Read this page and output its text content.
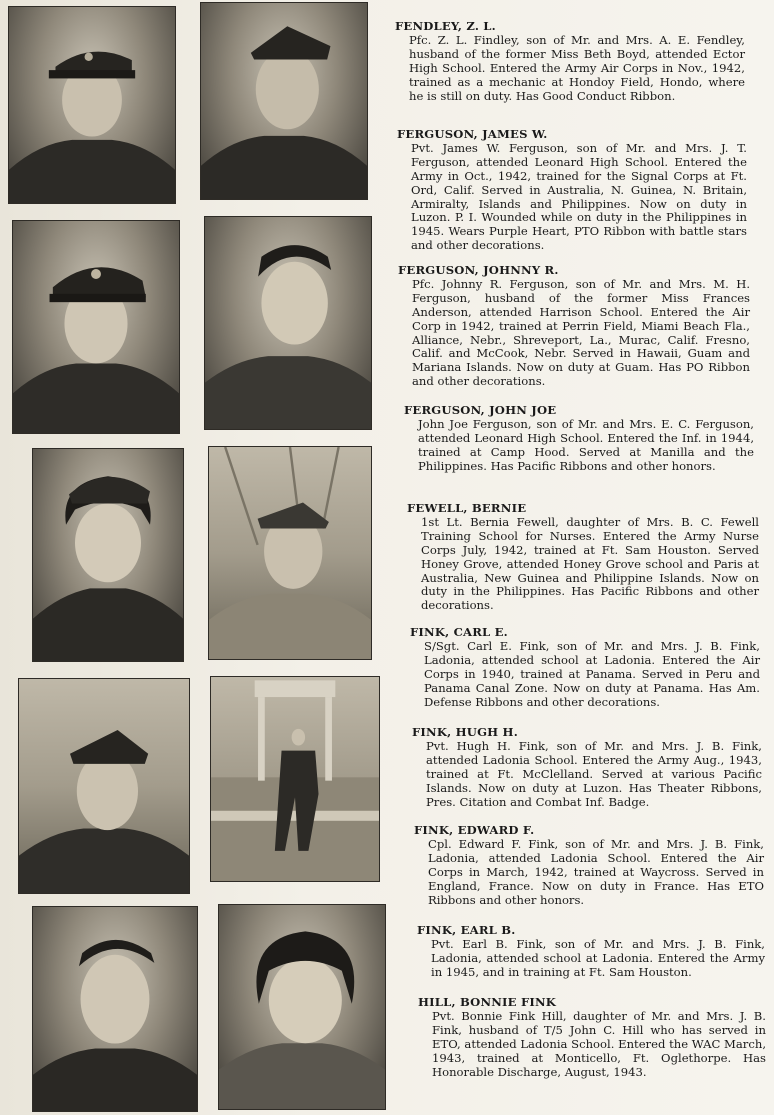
FENDLEY, Z. L.
Pfc. Z. L. Findley, son of Mr. and Mrs. A. E. Fendley, husband of the former Miss Beth Boyd, attended Ector High School. Entered the Army Air Corps in Nov., 1942, trained as a mechanic at Hondoy Field, Hondo, where he is still on duty. Has Good Conduct Ribbon.
FERGUSON, JAMES W.
Pvt. James W. Ferguson, son of Mr. and Mrs. J. T. Ferguson, attended Leonard High School. Entered the Army in Oct., 1942, trained for the Signal Corps at Ft. Ord, Calif. Served in Australia, N. Guinea, N. Britain, Armiralty, Islands and Philippines. Now on duty in Luzon. P. I. Wounded while on duty in the Philippines in 1945. Wears Purple Heart, PTO Ribbon with battle stars and other decorations.
FERGUSON, JOHNNY R.
Pfc. Johnny R. Ferguson, son of Mr. and Mrs. M. H. Ferguson, husband of the former Miss Frances Anderson, attended Harrison School. Entered the Air Corp in 1942, trained at Perrin Field, Miami Beach Fla., Alliance, Nebr., Shreveport, La., Murac, Calif. Fresno, Calif. and McCook, Nebr. Served in Hawaii, Guam and Mariana Islands. Now on duty at Guam. Has PO Ribbon and other decorations.
FERGUSON, JOHN JOE
John Joe Ferguson, son of Mr. and Mrs. E. C. Ferguson, attended Leonard High School. Entered the Inf. in 1944, trained at Camp Hood. Served at Manilla and the Philippines. Has Pacific Ribbons and other honors.
FEWELL, BERNIE
1st Lt. Bernia Fewell, daughter of Mrs. B. C. Fewell Training School for Nurses. Entered the Army Nurse Corps July, 1942, trained at Ft. Sam Houston. Served Honey Grove, attended Honey Grove school and Paris at Australia, New Guinea and Philippine Islands. Now on duty in the Philippines. Has Pacific Ribbons and other decorations.
FINK, CARL E.
S/Sgt. Carl E. Fink, son of Mr. and Mrs. J. B. Fink, Ladonia, attended school at Ladonia. Entered the Air Corps in 1940, trained at Panama. Served in Peru and Panama Canal Zone. Now on duty at Panama. Has Am. Defense Ribbons and other decorations.
FINK, HUGH H.
Pvt. Hugh H. Fink, son of Mr. and Mrs. J. B. Fink, attended Ladonia School. Entered the Army Aug., 1943, trained at Ft. McClelland. Served at various Pacific Islands. Now on duty at Luzon. Has Theater Ribbons, Pres. Citation and Combat Inf. Badge.
FINK, EDWARD F.
Cpl. Edward F. Fink, son of Mr. and Mrs. J. B. Fink, Ladonia, attended Ladonia School. Entered the Air Corps in March, 1942, trained at Waycross. Served in England, France. Now on duty in France. Has ETO Ribbons and other honors.
FINK, EARL B.
Pvt. Earl B. Fink, son of Mr. and Mrs. J. B. Fink, Ladonia, attended school at Ladonia. Entered the Army in 1945, and in training at Ft. Sam Houston.
HILL, BONNIE FINK
Pvt. Bonnie Fink Hill, daughter of Mr. and Mrs. J. B. Fink, husband of T/5 John C. Hill who has served in ETO, attended Ladonia School. Entered the WAC March, 1943, trained at Monticello, Ft. Oglethorpe. Has Honorable Discharge, August, 1943.
